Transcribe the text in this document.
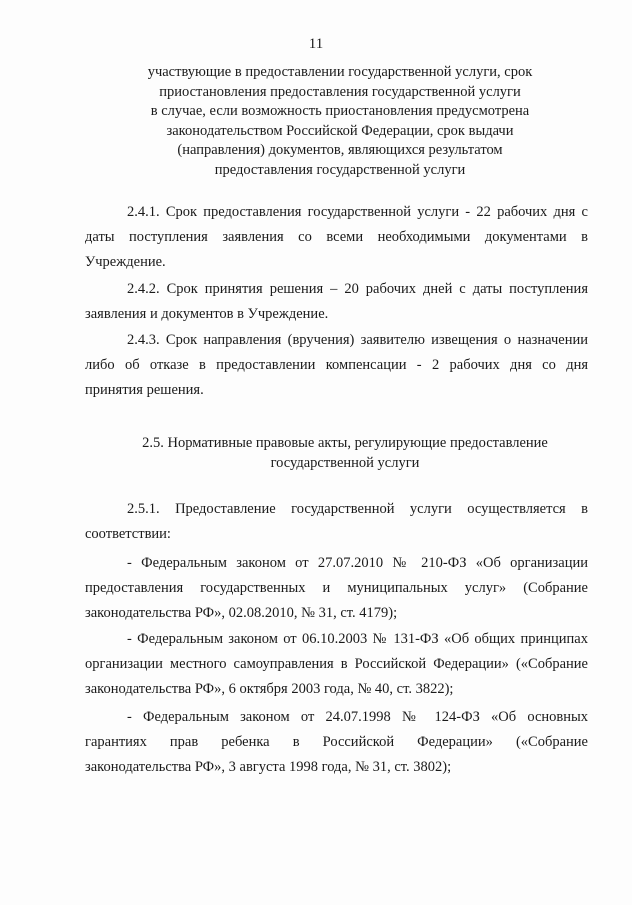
11
участвующие в предоставлении государственной услуги, срок
приостановления предоставления государственной услуги
в случае, если возможность приостановления предусмотрена
законодательством Российской Федерации, срок выдачи
(направления) документов, являющихся результатом
предоставления государственной услуги
2.4.1. Срок предоставления государственной услуги - 22 рабочих дня с
даты поступления заявления со всеми необходимыми документами в
Учреждение.
2.4.2. Срок принятия решения – 20 рабочих дней с даты поступления
заявления и документов в Учреждение.
2.4.3. Срок направления (вручения) заявителю извещения о назначении
либо об отказе в предоставлении компенсации - 2 рабочих дня со дня
принятия решения.
2.5. Нормативные правовые акты, регулирующие предоставление
государственной услуги
2.5.1. Предоставление государственной услуги осуществляется в
соответствии:
- Федеральным законом от 27.07.2010 № 210-ФЗ «Об организации
предоставления государственных и муниципальных услуг» (Собрание
законодательства РФ», 02.08.2010, № 31, ст. 4179);
- Федеральным законом от 06.10.2003 № 131-ФЗ «Об общих принципах
организации местного самоуправления в Российской Федерации» («Собрание
законодательства РФ», 6 октября 2003 года, № 40, ст. 3822);
- Федеральным законом от 24.07.1998 № 124-ФЗ «Об основных
гарантиях прав ребенка в Российской Федерации» («Собрание
законодательства РФ», 3 августа 1998 года, № 31, ст. 3802);
